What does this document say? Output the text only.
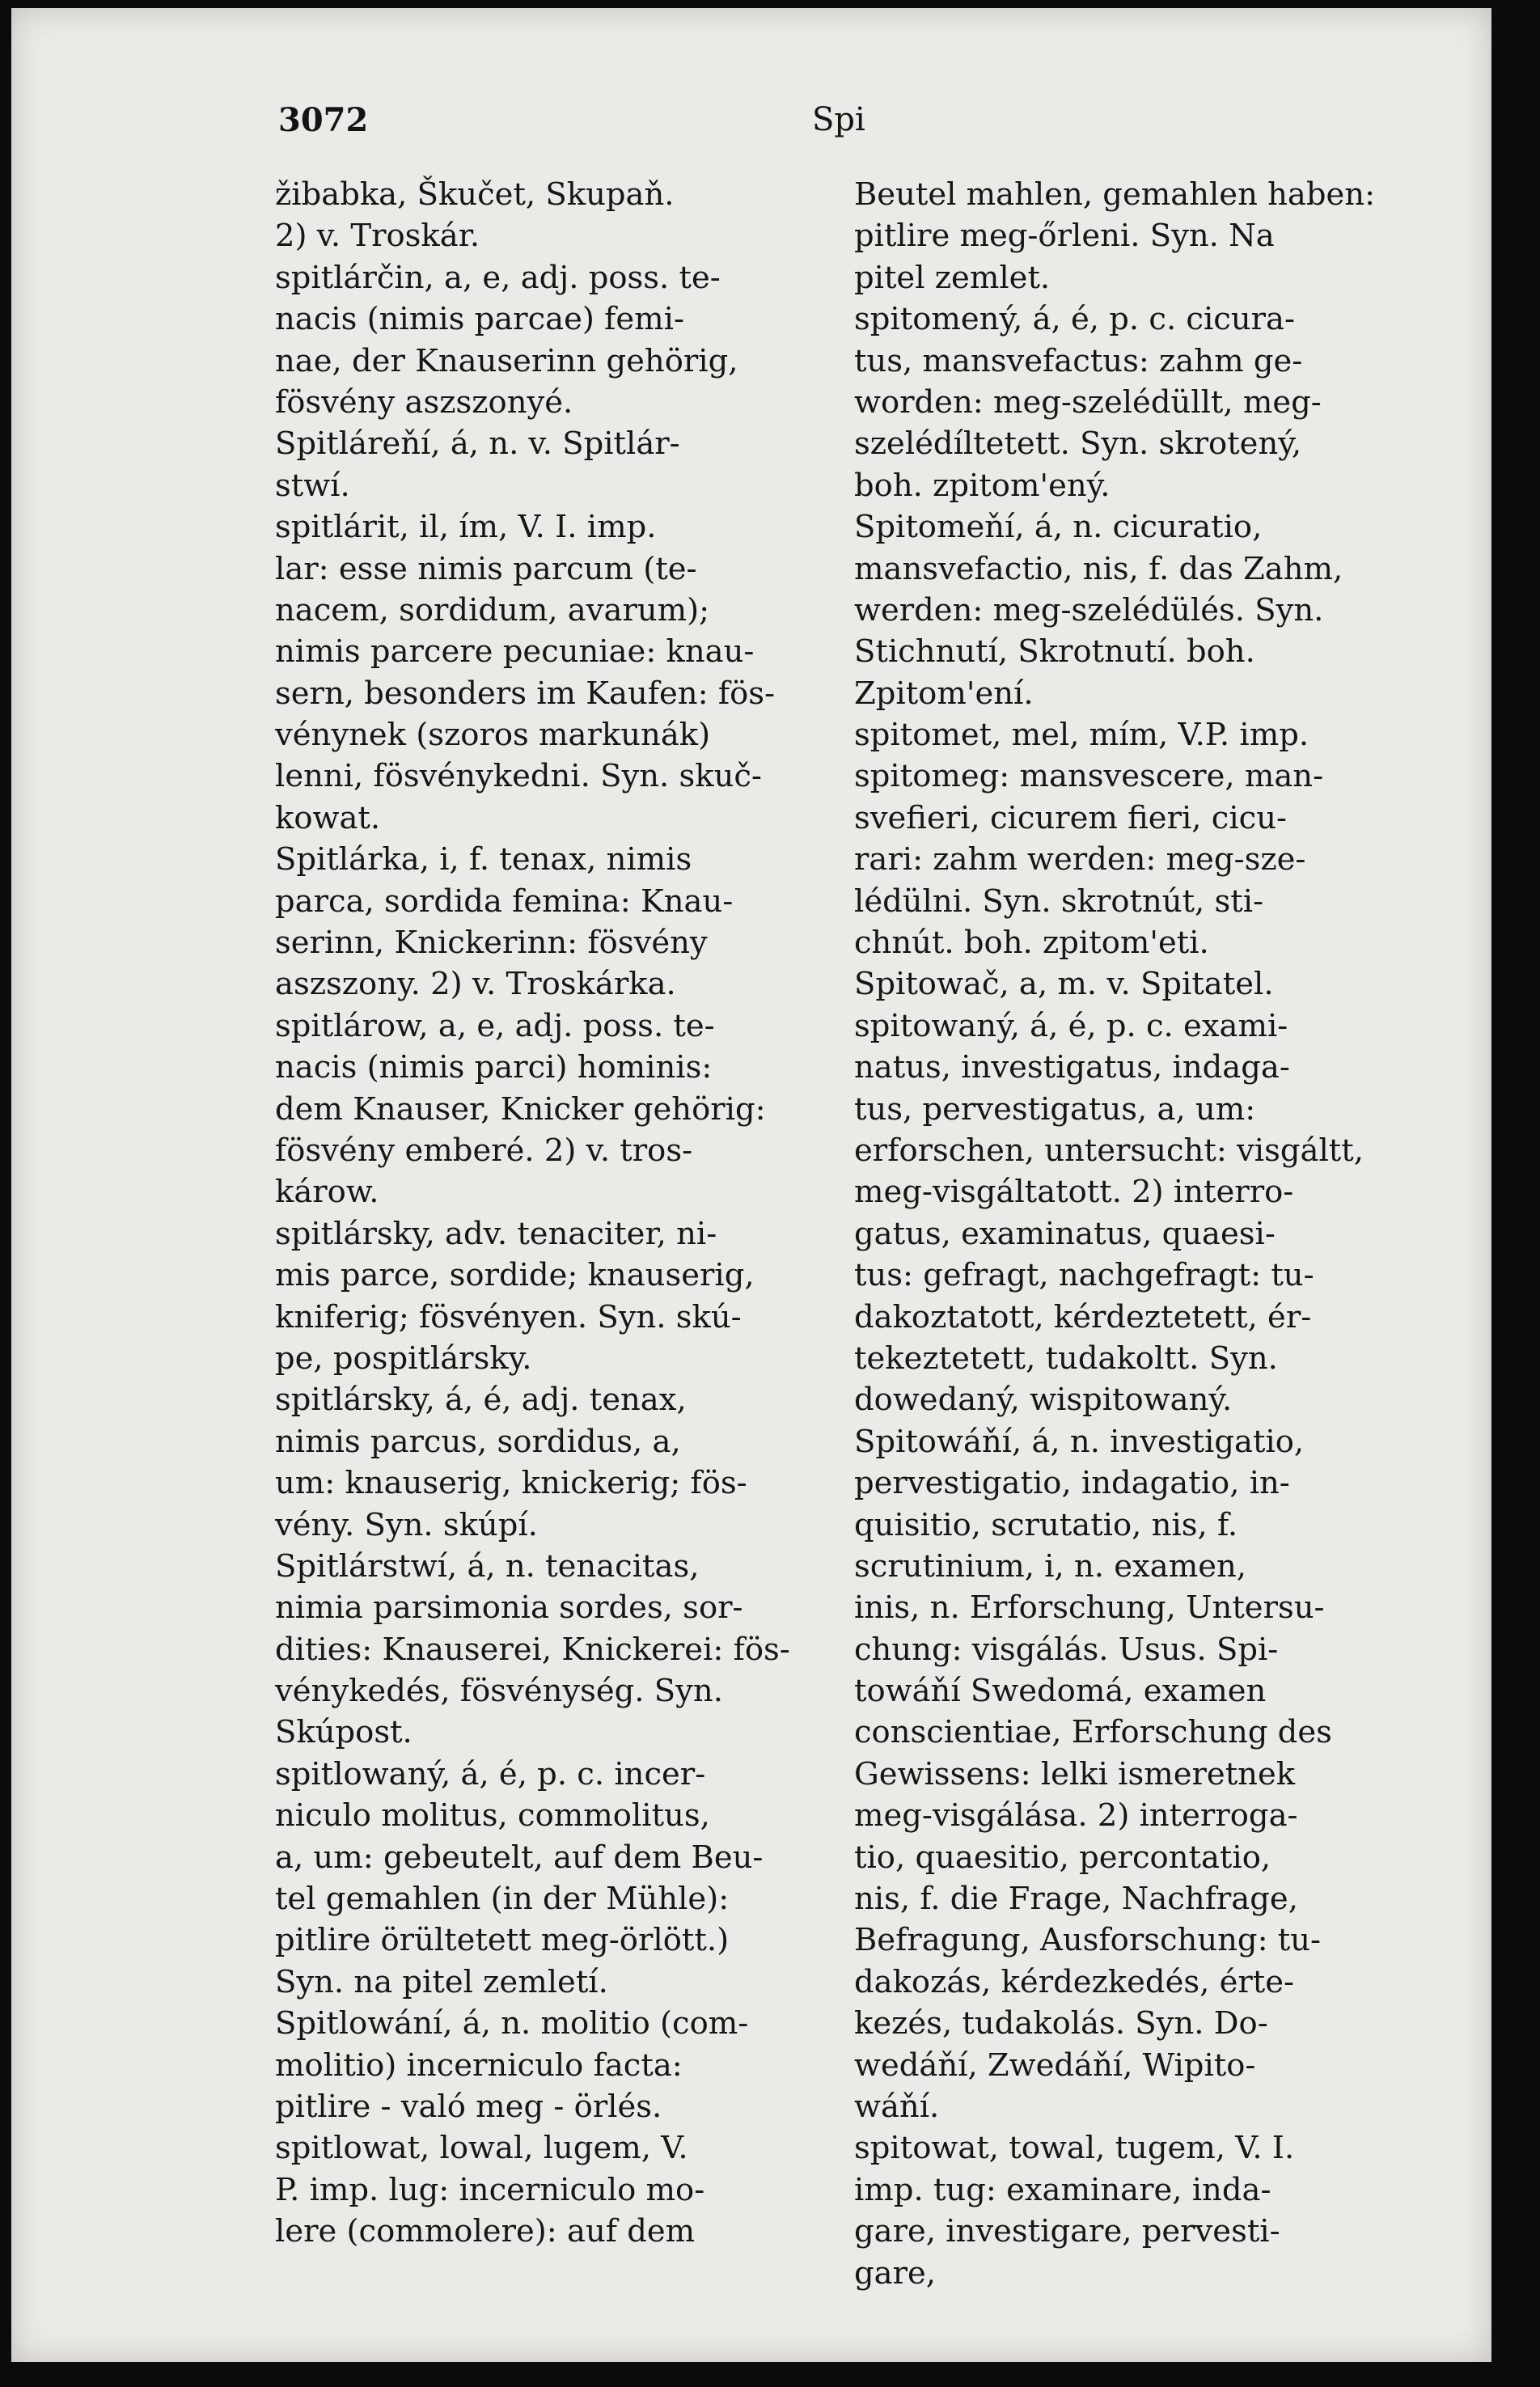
3072	Spi
žibabka, Škučet, Skupaň.
2) v. Troskár.
spitlárčin, a, e, adj. poss. te-
nacis (nimis parcae) femi-
nae, der Knauserinn gehörig,
fösvény aszszonyé.
Spitláreňí, á, n. v. Spitlár-
stwí.
spitlárit, il, ím, V. I. imp.
lar: esse nimis parcum (te-
nacem, sordidum, avarum);
nimis parcere pecuniae: knau-
sern, besonders im Kaufen: fös-
vénynek (szoros markunák)
lenni, fösvénykedni. Syn. skuč-
kowat.
Spitlárka, i, f. tenax, nimis
parca, sordida femina: Knau-
serinn, Knickerinn: fösvény
aszszony. 2) v. Troskárka.
spitlárow, a, e, adj. poss. te-
nacis (nimis parci) hominis:
dem Knauser, Knicker gehörig:
fösvény emberé. 2) v. tros-
károw.
spitlársky, adv. tenaciter, ni-
mis parce, sordide; knauserig,
kniferig; fösvényen. Syn. skú-
pe, pospitlársky.
spitlársky, á, é, adj. tenax,
nimis parcus, sordidus, a,
um: knauserig, knickerig; fös-
vény. Syn. skúpí.
Spitlárstwí, á, n. tenacitas,
nimia parsimonia sordes, sor-
dities: Knauserei, Knickerei: fös-
vénykedés, fösvénység. Syn.
Skúpost.
spitlowaný, á, é, p. c. incer-
niculo molitus, commolitus,
a, um: gebeutelt, auf dem Beu-
tel gemahlen (in der Mühle):
pitlire örültetett meg-örlött.)
Syn. na pitel zemletí.
Spitlowání, á, n. molitio (com-
molitio) incerniculo facta:
pitlire - való meg - örlés.
spitlowat, lowal, lugem, V.
P. imp. lug: incerniculo mo-
lere (commolere): auf dem
Beutel mahlen, gemahlen haben:
pitlire meg-őrleni. Syn. Na
pitel zemlet.
spitomený, á, é, p. c. cicura-
tus, mansvefactus: zahm ge-
worden: meg-szelédüllt, meg-
szelédíltetett. Syn. skrotený,
boh. zpitom'ený.
Spitomeňí, á, n. cicuratio,
mansvefactio, nis, f. das Zahm,
werden: meg-szelédülés. Syn.
Stichnutí, Skrotnutí. boh.
Zpitom'ení.
spitomet, mel, mím, V.P. imp.
spitomeg: mansvescere, man-
svefieri, cicurem fieri, cicu-
rari: zahm werden: meg-sze-
lédülni. Syn. skrotnút, sti-
chnút. boh. zpitom'eti.
Spitowač, a, m. v. Spitatel.
spitowaný, á, é, p. c. exami-
natus, investigatus, indaga-
tus, pervestigatus, a, um:
erforschen, untersucht: visgáltt,
meg-visgáltatott. 2) interro-
gatus, examinatus, quaesi-
tus: gefragt, nachgefragt: tu-
dakoztatott, kérdeztetett, ér-
tekeztetett, tudakoltt. Syn.
dowedaný, wispitowaný.
Spitowáňí, á, n. investigatio,
pervestigatio, indagatio, in-
quisitio, scrutatio, nis, f.
scrutinium, i, n. examen,
inis, n. Erforschung, Untersu-
chung: visgálás. Usus. Spi-
towáňí Swedomá, examen
conscientiae, Erforschung des
Gewissens: lelki ismeretnek
meg-visgálása. 2) interroga-
tio, quaesitio, percontatio,
nis, f. die Frage, Nachfrage,
Befragung, Ausforschung: tu-
dakozás, kérdezkedés, érte-
kezés, tudakolás. Syn. Do-
wedáňí, Zwedáňí, Wipito-
wáňí.
spitowat, towal, tugem, V. I.
imp. tug: examinare, inda-
gare, investigare, pervesti-
gare,
